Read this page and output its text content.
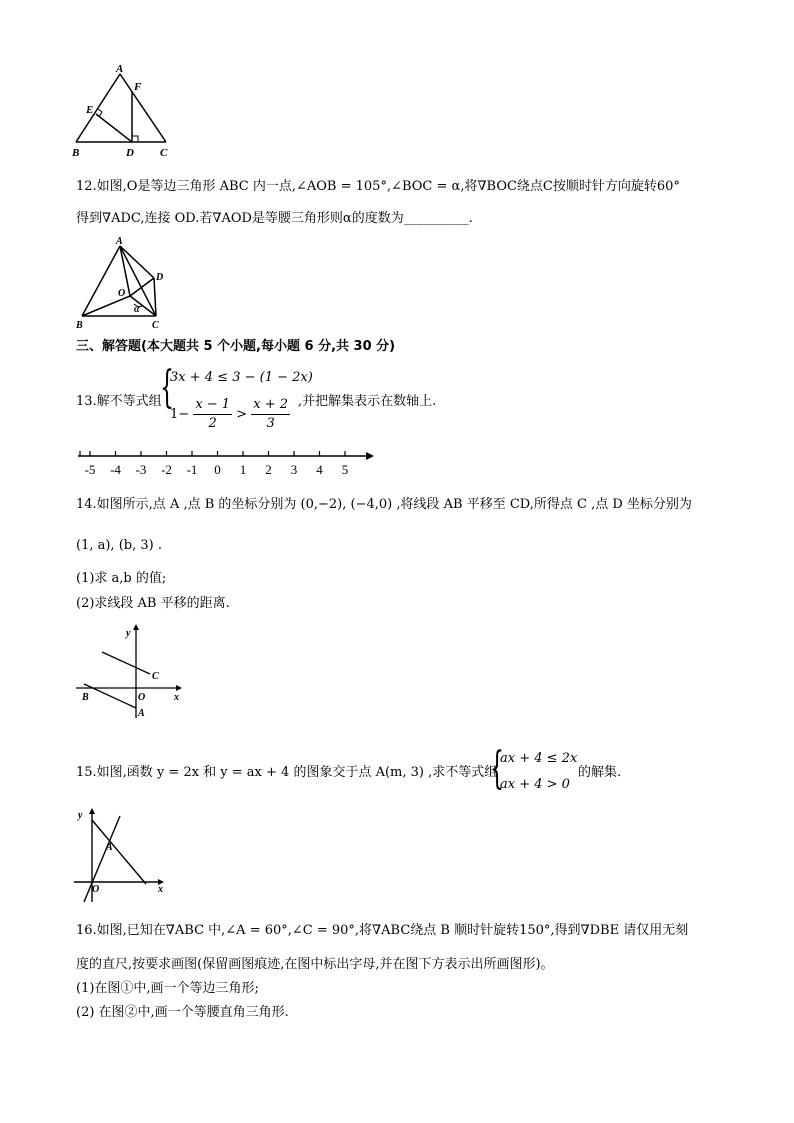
A
F
E
B	D C
12.如图,O是等边三角形 ABC 内一点,∠AOB = 105°,∠BOC = α,将∇BOC绕点C按顺时针方向旋转60°
得到∇ADC,连接 OD.若∇AOD是等腰三角形则α的度数为__________.
A
D
O
α
B	C
三、解答题(本大题共 5 个小题,每小题 6 分,共 30 分)
13.解不等式组
{
3x + 4 ≤ 3 − (1 − 2x)
$1- \frac{x - 1}{2} > \frac{x + 2}{3}$ ,并把解集表示在数轴上.
-5 -4 -3 -2 -1 0 1 2 3 4 5
14.如图所示,点 A ,点 B 的坐标分别为 (0,−2), (−4,0) ,将线段 AB 平移至 CD,所得点 C ,点 D 坐标分别为
(1, a), (b, 3) .
(1)求 a,b 的值;
(2)求线段 AB 平移的距离.
y
C
B	O	x
A
15.如图,函数 y = 2x 和 y = ax + 4 的图象交于点 A(m, 3) ,求不等式组
{
ax + 4 ≤ 2x
ax + 4 > 0
的解集.
y
A
O	x
16.如图,已知在∇ABC 中,∠A = 60°,∠C = 90°,将∇ABC绕点 B 顺时针旋转150°,得到∇DBE 请仅用无刻
度的直尺,按要求画图(保留画图痕迹,在图中标出字母,并在图下方表示出所画图形)。
(1)在图①中,画一个等边三角形;
(2) 在图②中,画一个等腰直角三角形.
